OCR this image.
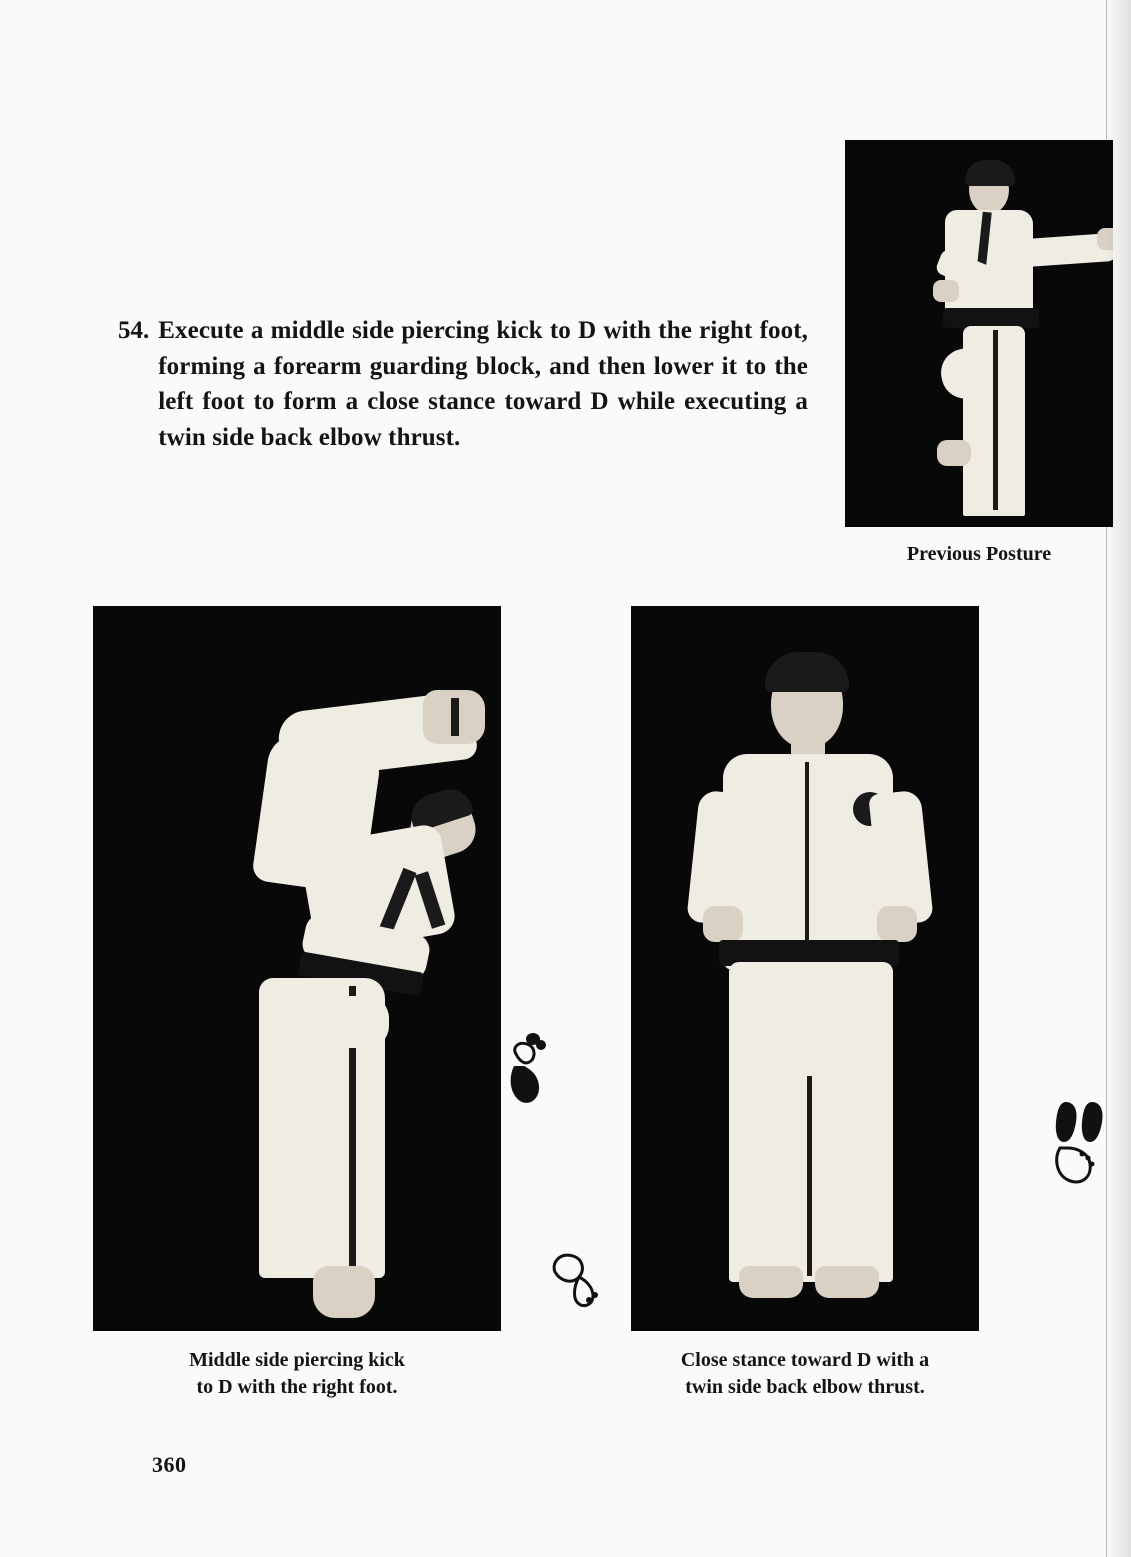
54. Execute a middle side piercing kick to D with the right foot, forming a forearm guarding block, and then lower it to the left foot to form a close stance toward D while executing a twin side back elbow thrust.
Previous Posture
Middle side piercing kick
to D with the right foot.
Close stance toward D with a
twin side back elbow thrust.
360
